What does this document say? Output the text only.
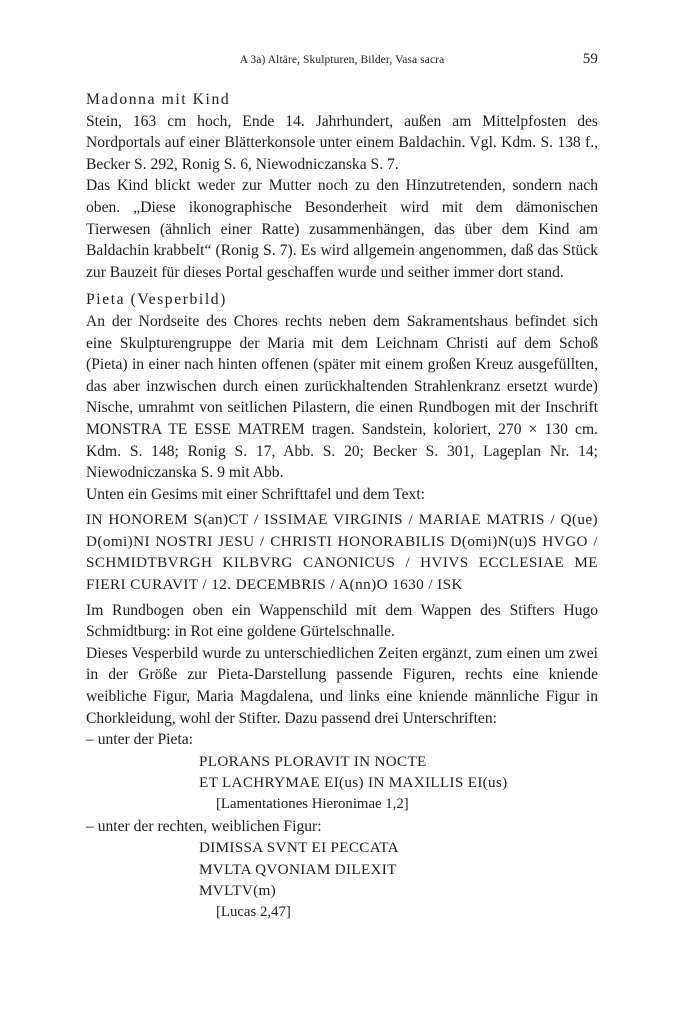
A 3a) Altäre, Skulpturen, Bilder, Vasa sacra	59

Madonna mit Kind

Stein, 163 cm hoch, Ende 14. Jahrhundert, außen am Mittelpfosten des Nordportals auf einer Blätterkonsole unter einem Baldachin. Vgl. Kdm. S. 138 f., Becker S. 292, Ronig S. 6, Niewodniczanska S. 7.

Das Kind blickt weder zur Mutter noch zu den Hinzutretenden, sondern nach oben. „Diese ikonographische Besonderheit wird mit dem dämonischen Tierwesen (ähnlich einer Ratte) zusammenhängen, das über dem Kind am Baldachin krabbelt“ (Ronig S. 7). Es wird allgemein angenommen, daß das Stück zur Bauzeit für dieses Portal geschaffen wurde und seither immer dort stand.

Pieta (Vesperbild)

An der Nordseite des Chores rechts neben dem Sakramentshaus befindet sich eine Skulpturengruppe der Maria mit dem Leichnam Christi auf dem Schoß (Pieta) in einer nach hinten offenen (später mit einem großen Kreuz ausgefüllten, das aber inzwischen durch einen zurückhaltenden Strahlenkranz ersetzt wurde) Nische, umrahmt von seitlichen Pilastern, die einen Rundbogen mit der Inschrift MONSTRA TE ESSE MATREM tragen. Sandstein, koloriert, 270 × 130 cm. Kdm. S. 148; Ronig S. 17, Abb. S. 20; Becker S. 301, Lageplan Nr. 14; Niewodniczanska S. 9 mit Abb.

Unten ein Gesims mit einer Schrifttafel und dem Text:

IN HONOREM S(an)CT / ISSIMAE VIRGINIS / MARIAE MATRIS / Q(ue) D(omi)NI NOSTRI JESU / CHRISTI HONORABILIS D(omi)N(u)S HVGO / SCHMIDTBVRGH KILBVRG CANONICUS / HVIVS ECCLESIAE ME FIERI CURAVIT / 12. DECEMBRIS / A(nn)O 1630 / ISK

Im Rundbogen oben ein Wappenschild mit dem Wappen des Stifters Hugo Schmidtburg: in Rot eine goldene Gürtelschnalle.

Dieses Vesperbild wurde zu unterschiedlichen Zeiten ergänzt, zum einen um zwei in der Größe zur Pieta-Darstellung passende Figuren, rechts eine kniende weibliche Figur, Maria Magdalena, und links eine kniende männliche Figur in Chorkleidung, wohl der Stifter. Dazu passend drei Unterschriften:

– unter der Pieta:

PLORANS PLORAVIT IN NOCTE

ET LACHRYMAE EI(us) IN MAXILLIS EI(us)

[Lamentationes Hieronimae 1,2]

– unter der rechten, weiblichen Figur:

DIMISSA SVNT EI PECCATA

MVLTA QVONIAM DILEXIT

MVLTV(m)

[Lucas 2,47]
